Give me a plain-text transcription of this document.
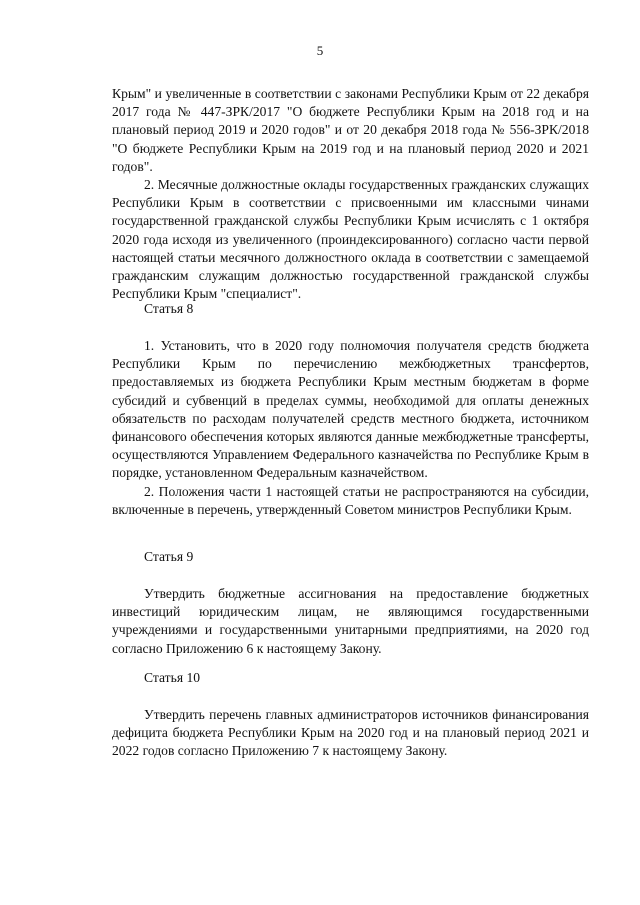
5

Крым" и увеличенные в соответствии с законами Республики Крым от 22 декабря 2017 года № 447-ЗРК/2017 "О бюджете Республики Крым на 2018 год и на плановый период 2019 и 2020 годов" и от 20 декабря 2018 года № 556-ЗРК/2018 "О бюджете Республики Крым на 2019 год и на плановый период 2020 и 2021 годов".

2. Месячные должностные оклады государственных гражданских служащих Республики Крым в соответствии с присвоенными им классными чинами государственной гражданской службы Республики Крым исчислять с 1 октября 2020 года исходя из увеличенного (проиндексированного) согласно части первой настоящей статьи месячного должностного оклада в соответствии с замещаемой гражданским служащим должностью государственной гражданской службы Республики Крым "специалист".

Статья 8

1. Установить, что в 2020 году полномочия получателя средств бюджета Республики Крым по перечислению межбюджетных трансфертов, предоставляемых из бюджета Республики Крым местным бюджетам в форме субсидий и субвенций в пределах суммы, необходимой для оплаты денежных обязательств по расходам получателей средств местного бюджета, источником финансового обеспечения которых являются данные межбюджетные трансферты, осуществляются Управлением Федерального казначейства по Республике Крым в порядке, установленном Федеральным казначейством.

2. Положения части 1 настоящей статьи не распространяются на субсидии, включенные в перечень, утвержденный Советом министров Республики Крым.

Статья 9

Утвердить бюджетные ассигнования на предоставление бюджетных инвестиций юридическим лицам, не являющимся государственными учреждениями и государственными унитарными предприятиями, на 2020 год согласно Приложению 6 к настоящему Закону.

Статья 10

Утвердить перечень главных администраторов источников финансирования дефицита бюджета Республики Крым на 2020 год и на плановый период 2021 и 2022 годов согласно Приложению 7 к настоящему Закону.
